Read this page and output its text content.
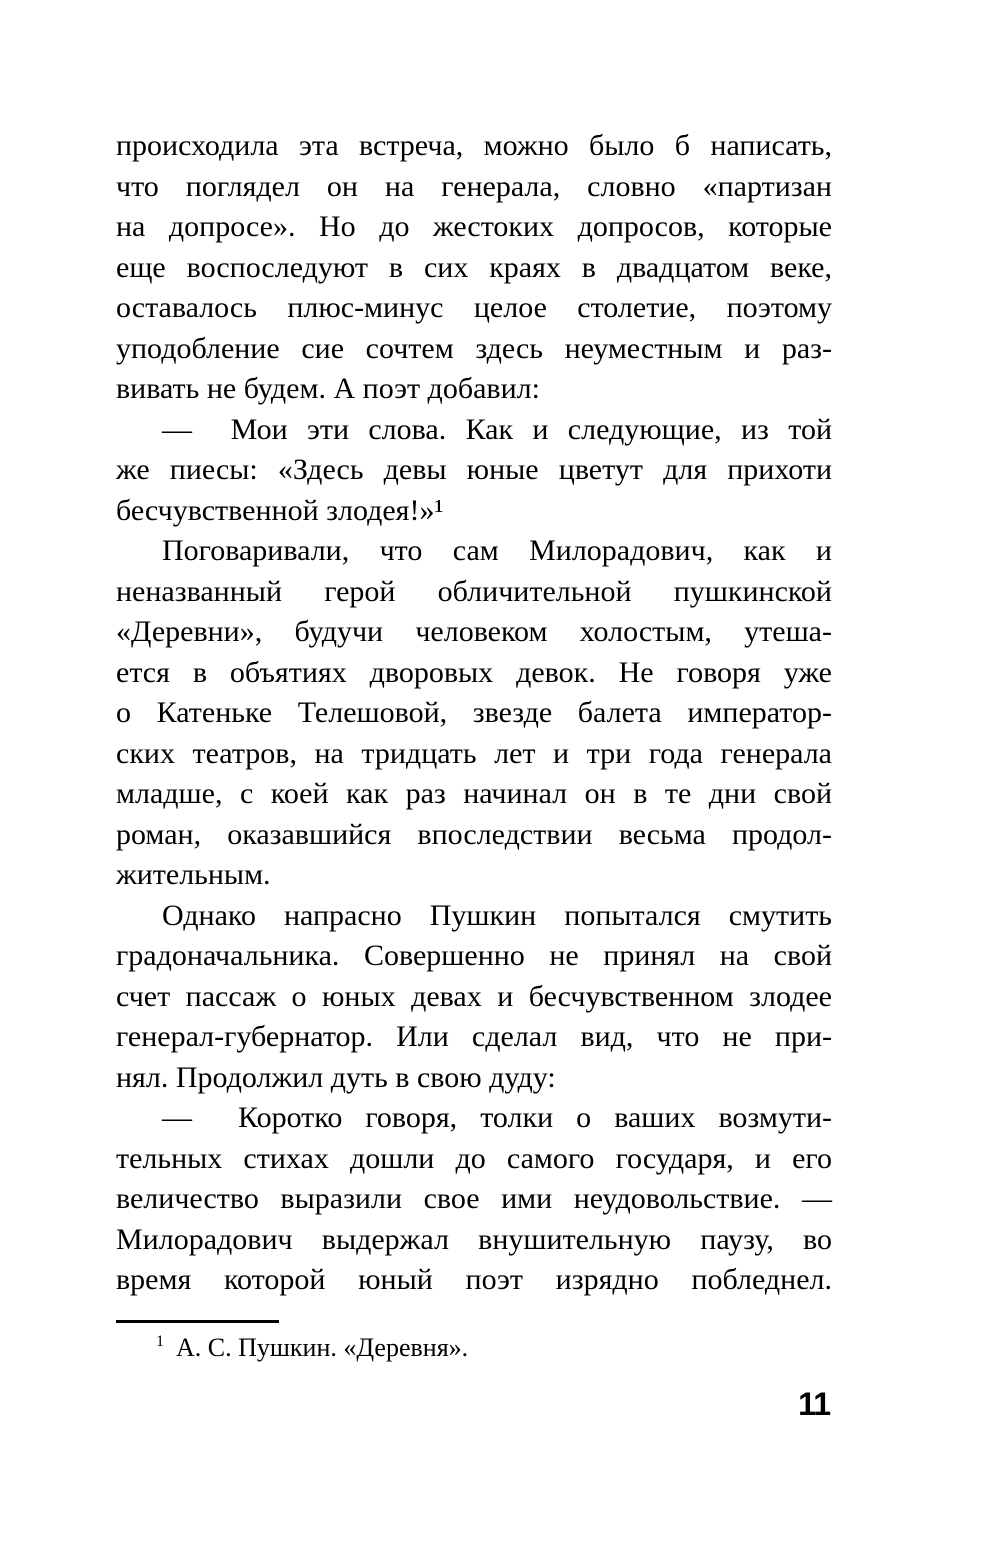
происходила эта встреча, можно было б написать,
что поглядел он на генерала, словно «партизан
на допросе». Но до жестоких допросов, которые
еще воспоследуют в сих краях в двадцатом веке,
оставалось плюс-минус целое столетие, поэтому
уподобление сие сочтем здесь неуместным и раз-
вивать не будем. А поэт добавил:
—  Мои эти слова. Как и следующие, из той
же пиесы: «Здесь девы юные цветут для прихоти
бесчувственной злодея!»¹
Поговаривали, что сам Милорадович, как и
неназванный герой обличительной пушкинской
«Деревни», будучи человеком холостым, утеша-
ется в объятиях дворовых девок. Не говоря уже
о Катеньке Телешовой, звезде балета император-
ских театров, на тридцать лет и три года генерала
младше, с коей как раз начинал он в те дни свой
роман, оказавшийся впоследствии весьма продол-
жительным.
Однако напрасно Пушкин попытался смутить
градоначальника. Совершенно не принял на свой
счет пассаж о юных девах и бесчувственном злодее
генерал-губернатор. Или сделал вид, что не при-
нял. Продолжил дуть в свою дуду:
—  Коротко говоря, толки о ваших возмути-
тельных стихах дошли до самого государя, и его
величество выразили свое ими неудовольствие. —
Милорадович выдержал внушительную паузу, во
время которой юный поэт изрядно побледнел.

$^1$ А. С. Пушкин. «Деревня».

11
